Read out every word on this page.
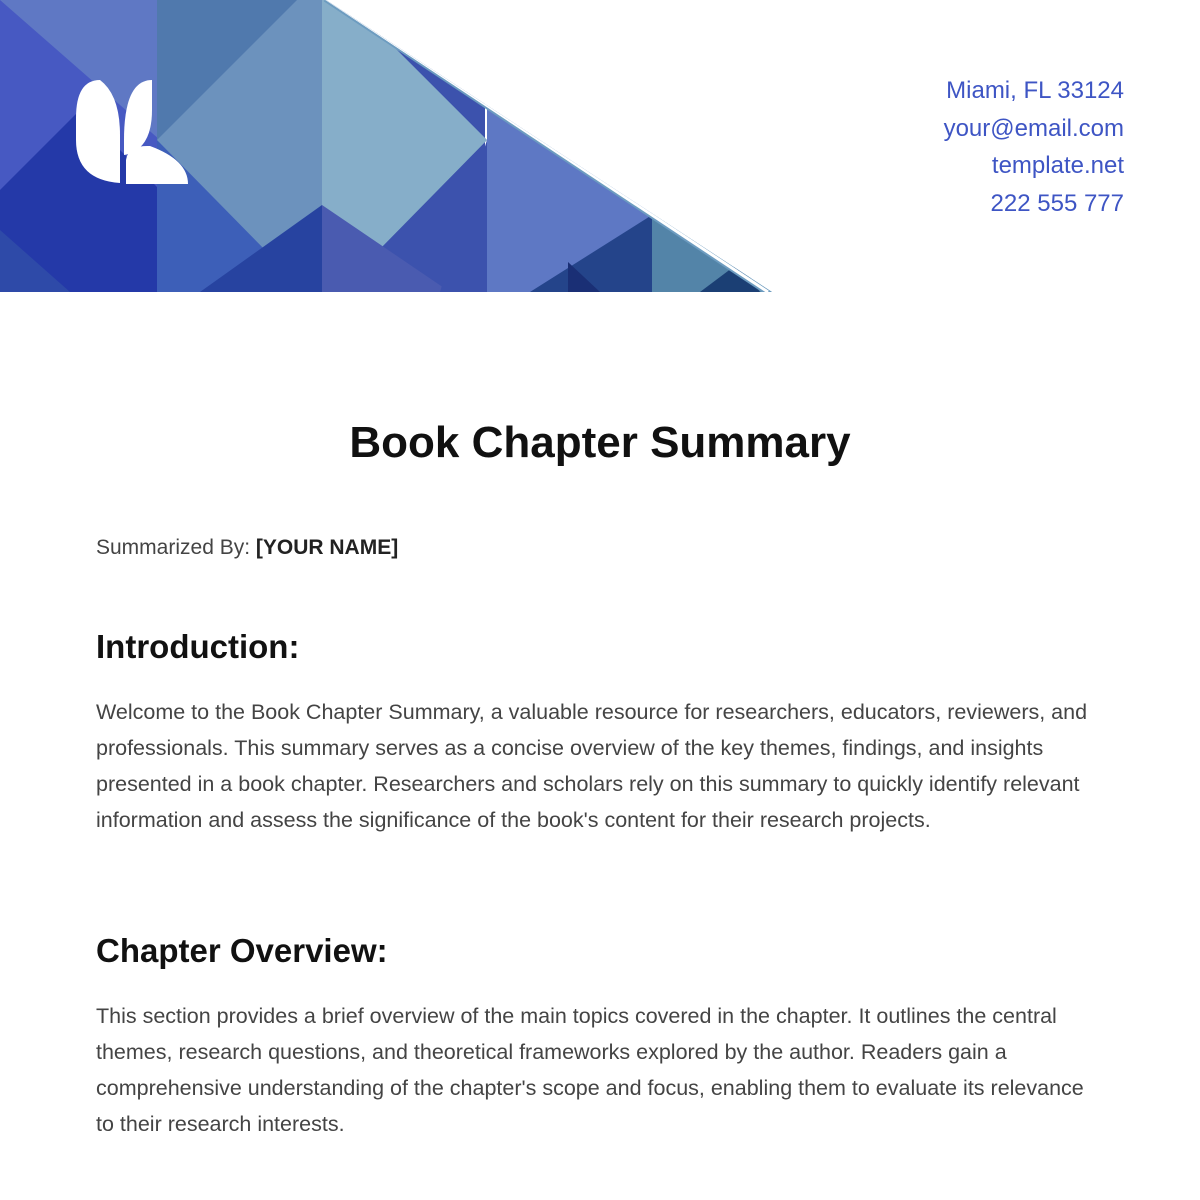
Miami, FL 33124
your@email.com
template.net
222 555 777
Book Chapter Summary
Summarized By: [YOUR NAME]
Introduction:

Welcome to the Book Chapter Summary, a valuable resource for researchers, educators, reviewers, and professionals. This summary serves as a concise overview of the key themes, findings, and insights presented in a book chapter. Researchers and scholars rely on this summary to quickly identify relevant information and assess the significance of the book's content for their research projects.

Chapter Overview:

This section provides a brief overview of the main topics covered in the chapter. It outlines the central themes, research questions, and theoretical frameworks explored by the author. Readers gain a comprehensive understanding of the chapter's scope and focus, enabling them to evaluate its relevance to their research interests.
